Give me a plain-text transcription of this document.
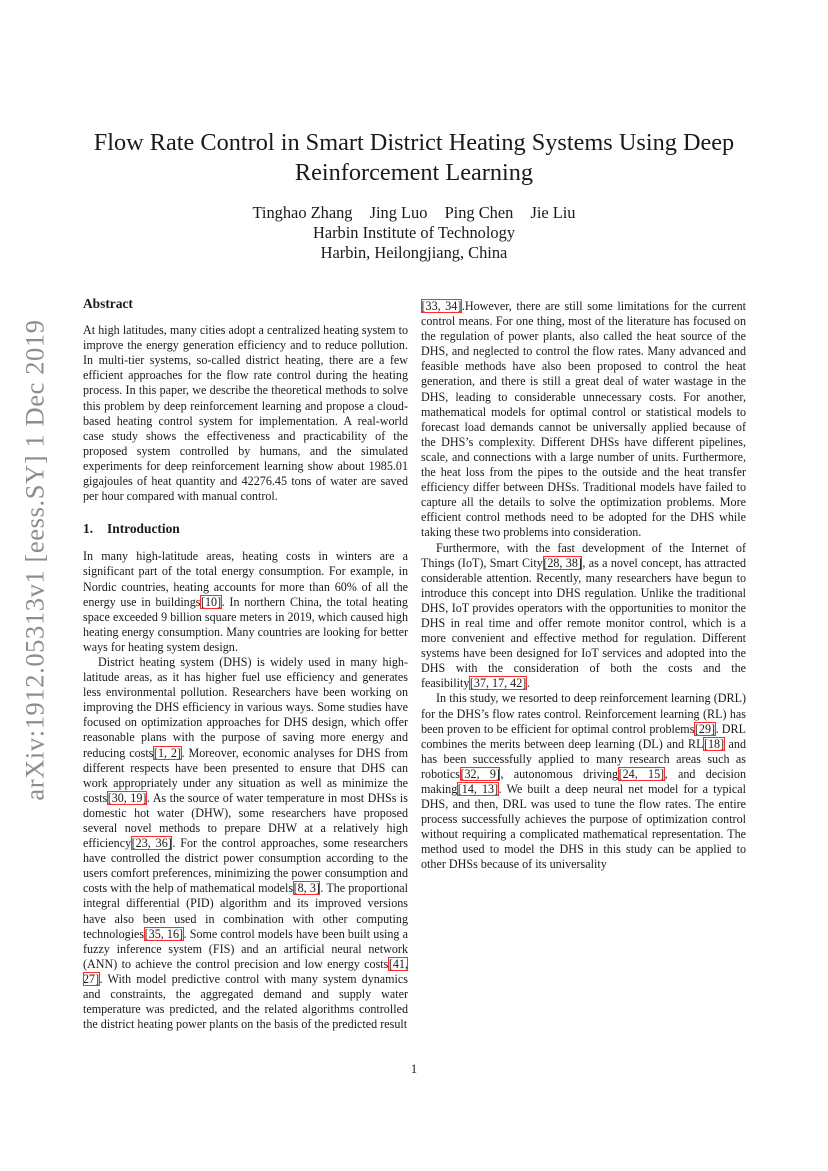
arXiv:1912.05313v1 [eess.SY] 1 Dec 2019
Flow Rate Control in Smart District Heating Systems Using Deep
Reinforcement Learning
Tinghao Zhang Jing Luo Ping Chen Jie Liu
Harbin Institute of Technology
Harbin, Heilongjiang, China
Abstract

At high latitudes, many cities adopt a centralized heating system to improve the energy generation efficiency and to reduce pollution. In multi-tier systems, so-called district heating, there are a few efficient approaches for the flow rate control during the heating process. In this paper, we describe the theoretical methods to solve this problem by deep reinforcement learning and propose a cloud-based heating control system for implementation. A real-world case study shows the effectiveness and practicability of the proposed system controlled by humans, and the simulated experiments for deep reinforcement learning show about 1985.01 gigajoules of heat quantity and 42276.45 tons of water are saved per hour compared with manual control.

1. Introduction

In many high-latitude areas, heating costs in winters are a significant part of the total energy consumption. For example, in Nordic countries, heating accounts for more than 60% of all the energy use in buildings[10]. In northern China, the total heating space exceeded 9 billion square meters in 2019, which caused high heating energy consumption. Many countries are looking for better ways for heating system design.

District heating system (DHS) is widely used in many high-latitude areas, as it has higher fuel use efficiency and generates less environmental pollution. Researchers have been working on improving the DHS efficiency in various ways. Some studies have focused on optimization approaches for DHS design, which offer reasonable plans with the purpose of saving more energy and reducing costs[1, 2]. Moreover, economic analyses for DHS from different respects have been presented to ensure that DHS can work appropriately under any situation as well as minimize the costs[30, 19]. As the source of water temperature in most DHSs is domestic hot water (DHW), some researchers have proposed several novel methods to prepare DHW at a relatively high efficiency[23, 36]. For the control approaches, some researchers have controlled the district power consumption according to the users comfort preferences, minimizing the power consumption and costs with the help of mathematical models[8, 3]. The proportional integral differential (PID) algorithm and its improved versions have also been used in combination with other computing technologies[35, 16]. Some control models have been built using a fuzzy inference system (FIS) and an artificial neural network (ANN) to achieve the control precision and low energy costs[41, 27]. With model predictive control with many system dynamics and constraints, the aggregated demand and supply water temperature was predicted, and the related algorithms controlled the district heating power plants on the basis of the predicted result

[33, 34].However, there are still some limitations for the current control means. For one thing, most of the literature has focused on the regulation of power plants, also called the heat source of the DHS, and neglected to control the flow rates. Many advanced and feasible methods have also been proposed to control the heat generation, and there is still a great deal of water wastage in the DHS, leading to considerable unnecessary costs. For another, mathematical models for optimal control or statistical models to forecast load demands cannot be universally applied because of the DHS’s complexity. Different DHSs have different pipelines, scale, and connections with a large number of units. Furthermore, the heat loss from the pipes to the outside and the heat transfer efficiency differ between DHSs. Traditional models have failed to capture all the details to solve the optimization problems. More efficient control methods need to be adopted for the DHS while taking these two problems into consideration.

Furthermore, with the fast development of the Internet of Things (IoT), Smart City[28, 38], as a novel concept, has attracted considerable attention. Recently, many researchers have begun to introduce this concept into DHS regulation. Unlike the traditional DHS, IoT provides operators with the opportunities to monitor the DHS in real time and offer remote monitor control, which is a more convenient and effective method for regulation. Different systems have been designed for IoT services and adopted into the DHS with the consideration of both the costs and the feasibility[37, 17, 42].

In this study, we resorted to deep reinforcement learning (DRL) for the DHS’s flow rates control. Reinforcement learning (RL) has been proven to be efficient for optimal control problems[29]. DRL combines the merits between deep learning (DL) and RL[18] and has been successfully applied to many research areas such as robotics[32, 9], autonomous driving[24, 15], and decision making[14, 13]. We built a deep neural net model for a typical DHS, and then, DRL was used to tune the flow rates. The entire process successfully achieves the purpose of optimization control without requiring a complicated mathematical representation. The method used to model the DHS in this study can be applied to other DHSs because of its universality

1
